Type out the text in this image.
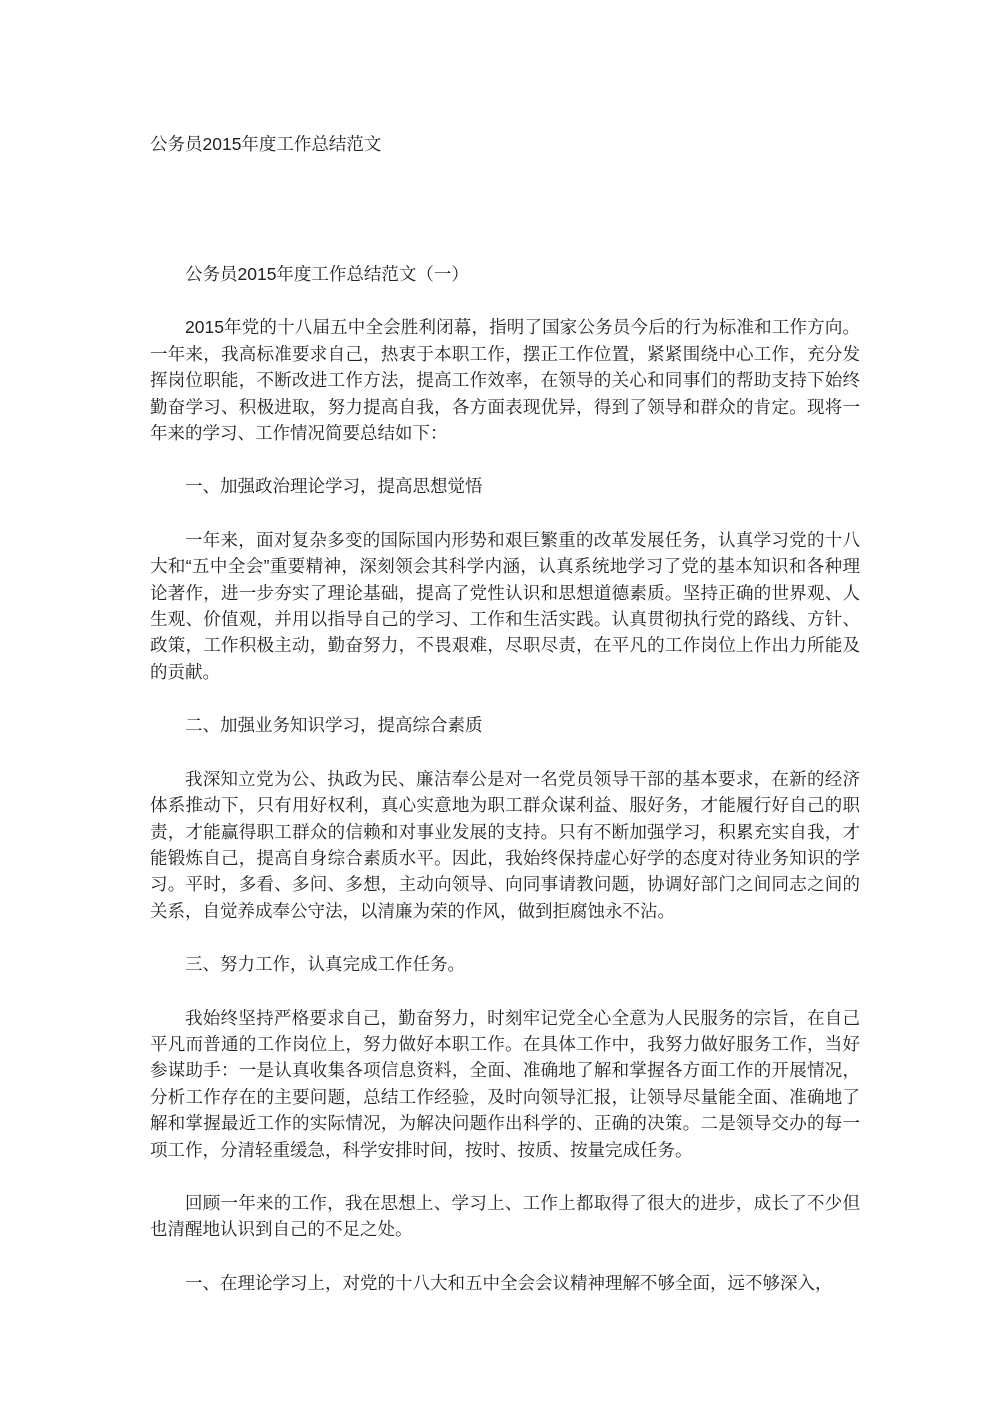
公务员2015年度工作总结范文

公务员2015年度工作总结范文（一）

2015年党的十八届五中全会胜利闭幕，指明了国家公务员今后的行为标准和工作方向。一年来，我高标准要求自己，热衷于本职工作，摆正工作位置，紧紧围绕中心工作，充分发挥岗位职能，不断改进工作方法，提高工作效率，在领导的关心和同事们的帮助支持下始终勤奋学习、积极进取，努力提高自我，各方面表现优异，得到了领导和群众的肯定。现将一年来的学习、工作情况简要总结如下：

一、加强政治理论学习，提高思想觉悟

一年来，面对复杂多变的国际国内形势和艰巨繁重的改革发展任务，认真学习党的十八大和“五中全会”重要精神，深刻领会其科学内涵，认真系统地学习了党的基本知识和各种理论著作，进一步夯实了理论基础，提高了党性认识和思想道德素质。坚持正确的世界观、人生观、价值观，并用以指导自己的学习、工作和生活实践。认真贯彻执行党的路线、方针、政策，工作积极主动，勤奋努力，不畏艰难，尽职尽责，在平凡的工作岗位上作出力所能及的贡献。

二、加强业务知识学习，提高综合素质

我深知立党为公、执政为民、廉洁奉公是对一名党员领导干部的基本要求，在新的经济体系推动下，只有用好权利，真心实意地为职工群众谋利益、服好务，才能履行好自己的职责，才能赢得职工群众的信赖和对事业发展的支持。只有不断加强学习，积累充实自我，才能锻炼自己，提高自身综合素质水平。因此，我始终保持虚心好学的态度对待业务知识的学习。平时，多看、多问、多想，主动向领导、向同事请教问题，协调好部门之间同志之间的关系，自觉养成奉公守法，以清廉为荣的作风，做到拒腐蚀永不沾。

三、努力工作，认真完成工作任务。

我始终坚持严格要求自己，勤奋努力，时刻牢记党全心全意为人民服务的宗旨，在自己平凡而普通的工作岗位上，努力做好本职工作。在具体工作中，我努力做好服务工作，当好参谋助手：一是认真收集各项信息资料，全面、准确地了解和掌握各方面工作的开展情况，分析工作存在的主要问题，总结工作经验，及时向领导汇报，让领导尽量能全面、准确地了解和掌握最近工作的实际情况，为解决问题作出科学的、正确的决策。二是领导交办的每一项工作，分清轻重缓急，科学安排时间，按时、按质、按量完成任务。

回顾一年来的工作，我在思想上、学习上、工作上都取得了很大的进步，成长了不少但也清醒地认识到自己的不足之处。

一、在理论学习上，对党的十八大和五中全会会议精神理解不够全面，远不够深入，
